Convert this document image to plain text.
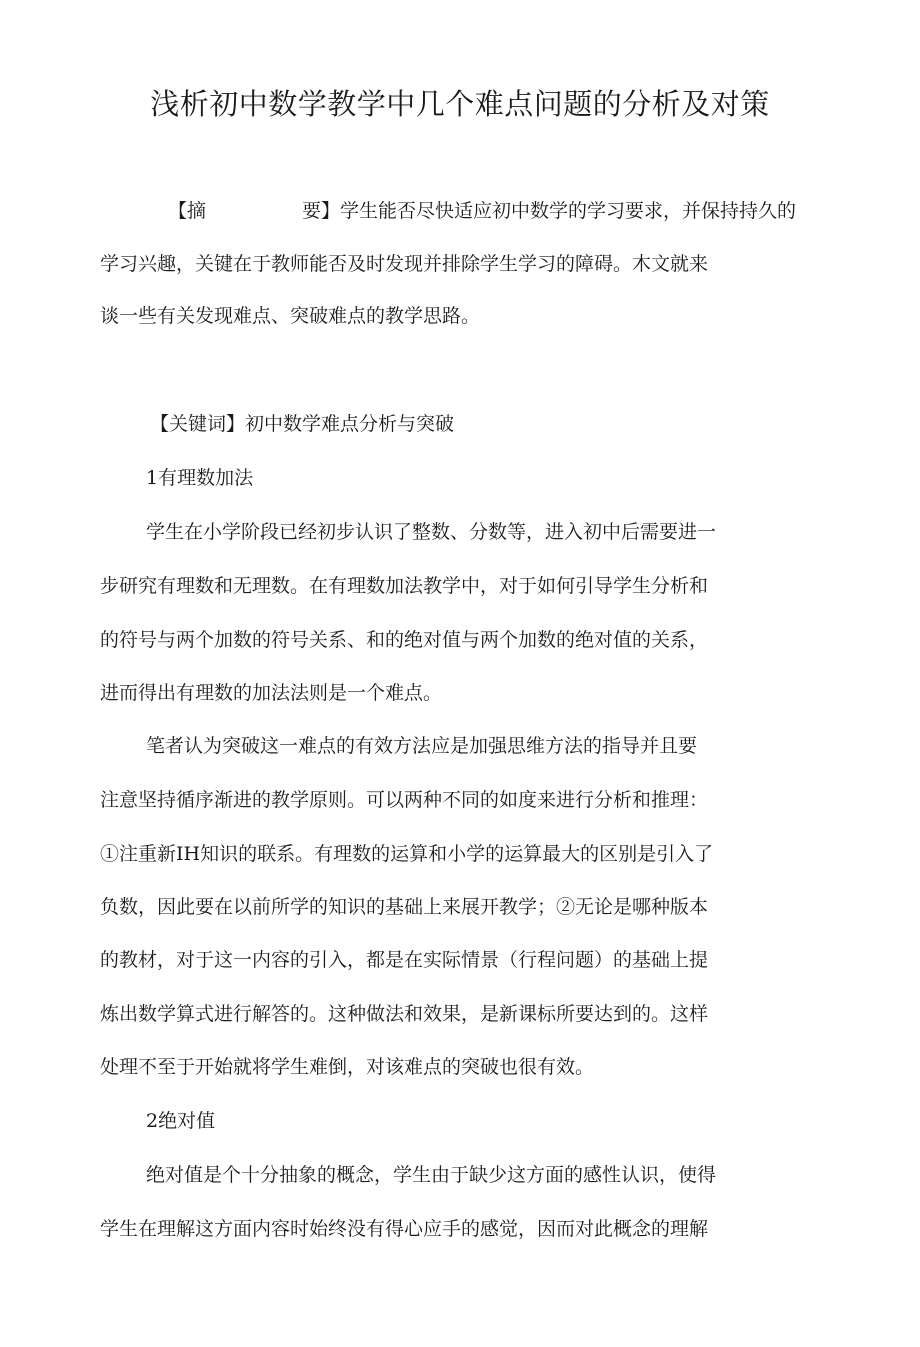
浅析初中数学教学中几个难点问题的分析及对策
【摘	要】学生能否尽快适应初中数学的学习要求，并保持持久的
学习兴趣，关键在于教师能否及时发现并排除学生学习的障碍。木文就来
谈一些有关发现难点、突破难点的教学思路。
【关键词】初中数学难点分析与突破
1有理数加法
学生在小学阶段已经初步认识了整数、分数等，进入初中后需要进一
步研究有理数和无理数。在有理数加法教学中，对于如何引导学生分析和
的符号与两个加数的符号关系、和的绝对值与两个加数的绝对值的关系，
进而得出有理数的加法法则是一个难点。
笔者认为突破这一难点的有效方法应是加强思维方法的指导并且要
注意坚持循序渐进的教学原则。可以两种不同的如度来进行分析和推理：
①注重新IH知识的联系。有理数的运算和小学的运算最大的区别是引入了
负数，因此要在以前所学的知识的基础上来展开教学；②无论是哪种版本
的教材，对于这一内容的引入，都是在实际情景（行程问题）的基础上提
炼出数学算式进行解答的。这种做法和效果，是新课标所要达到的。这样
处理不至于开始就将学生难倒，对该难点的突破也很有效。
2绝对值
绝对值是个十分抽象的概念，学生由于缺少这方面的感性认识，使得
学生在理解这方面内容时始终没有得心应手的感觉，因而对此概念的理解
